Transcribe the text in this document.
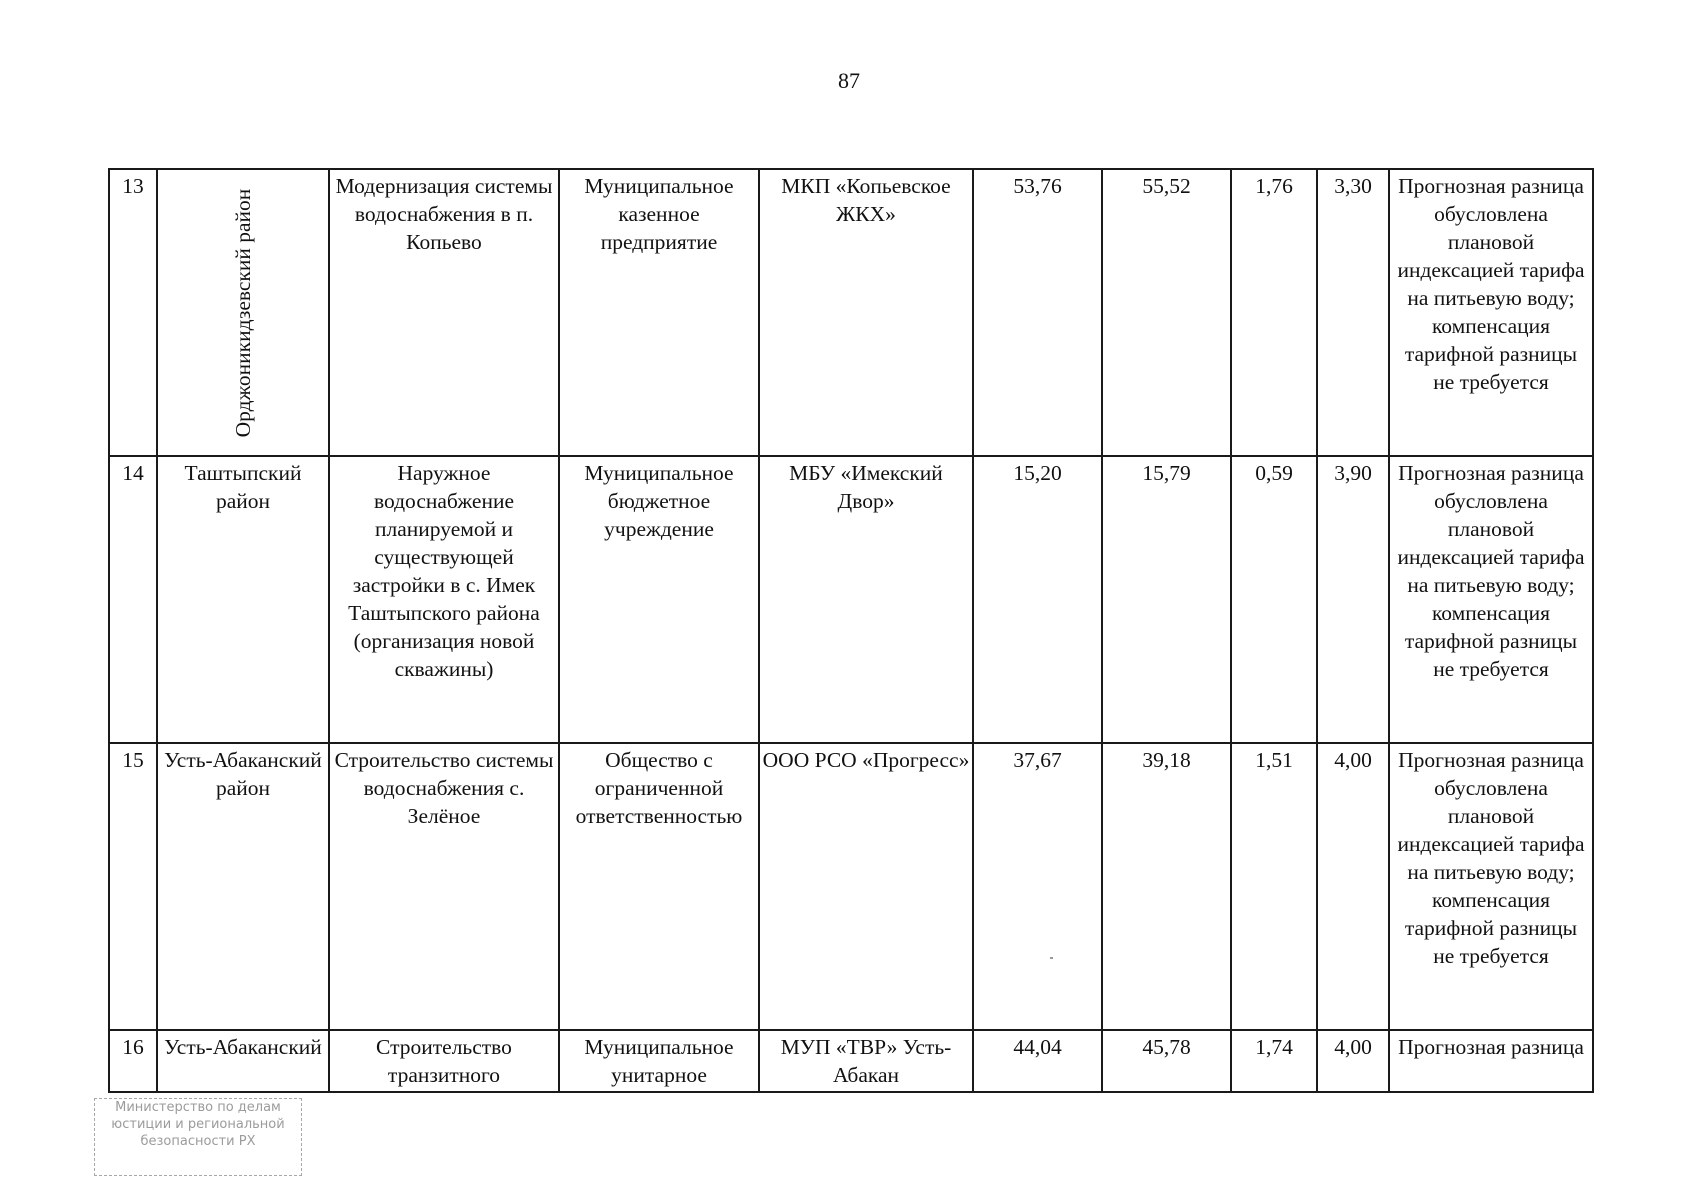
87
13	Орджоникидзевский район	Модернизация системы водоснабжения в п. Копьево	Муниципальное казенное предприятие	МКП «Копьевское ЖКХ»	53,76	55,52	1,76	3,30	Прогнозная разница обусловлена плановой индексацией тарифа на питьевую воду; компенсация тарифной разницы не требуется
14	Таштыпский район	Наружное водоснабжение планируемой и существующей застройки в с. Имек Таштыпского района (организация новой скважины)	Муниципальное бюджетное учреждение	МБУ «Имекский Двор»	15,20	15,79	0,59	3,90	Прогнозная разница обусловлена плановой индексацией тарифа на питьевую воду; компенсация тарифной разницы не требуется
15	Усть-Абаканский район	Строительство системы водоснабжения с. Зелёное	Общество с ограниченной ответственностью	ООО РСО «Прогресс»	37,67	39,18	1,51	4,00	Прогнозная разница обусловлена плановой индексацией тарифа на питьевую воду; компенсация тарифной разницы не требуется
16	Усть-Абаканский	Строительство транзитного	Муниципальное унитарное	МУП «ТВР» Усть-Абакан	44,04	45,78	1,74	4,00	Прогнозная разница
Министерство по делам
юстиции и региональной
безопасности РХ
